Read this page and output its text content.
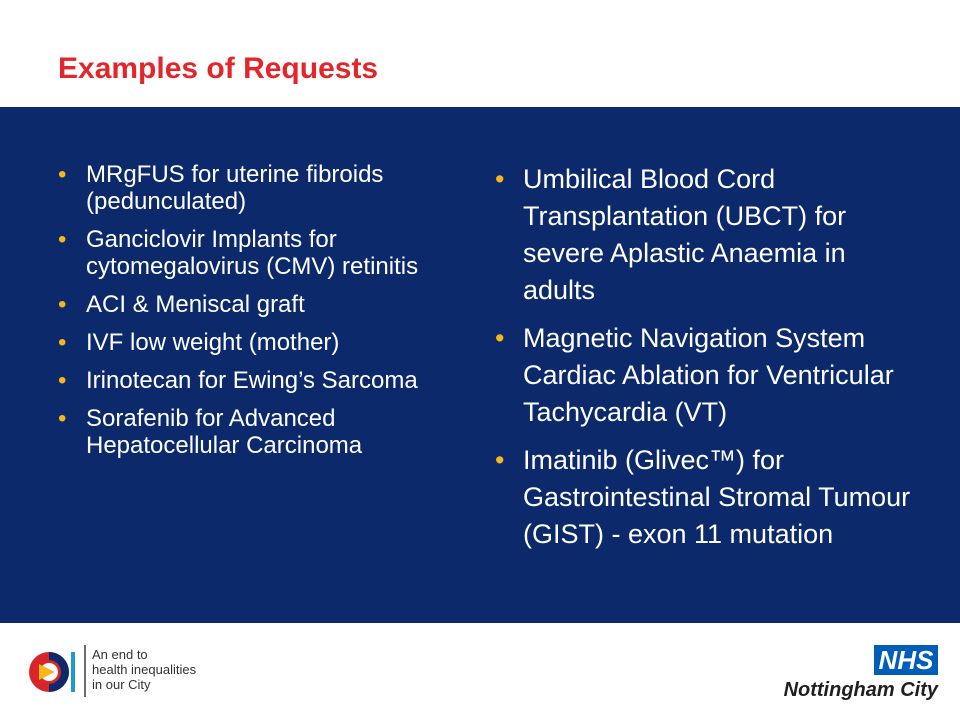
Examples of Requests
• MRgFUS for uterine fibroids (pedunculated)
• Ganciclovir Implants for cytomegalovirus (CMV) retinitis
• ACI & Meniscal graft
• IVF low weight (mother)
• Irinotecan for Ewing’s Sarcoma
• Sorafenib for Advanced Hepatocellular Carcinoma
• Umbilical Blood Cord Transplantation (UBCT) for severe Aplastic Anaemia in adults
• Magnetic Navigation System Cardiac Ablation for Ventricular Tachycardia (VT)
• Imatinib (Glivec™) for Gastrointestinal Stromal Tumour (GIST) - exon 11 mutation
An end to
health inequalities
in our City
NHS
Nottingham City
